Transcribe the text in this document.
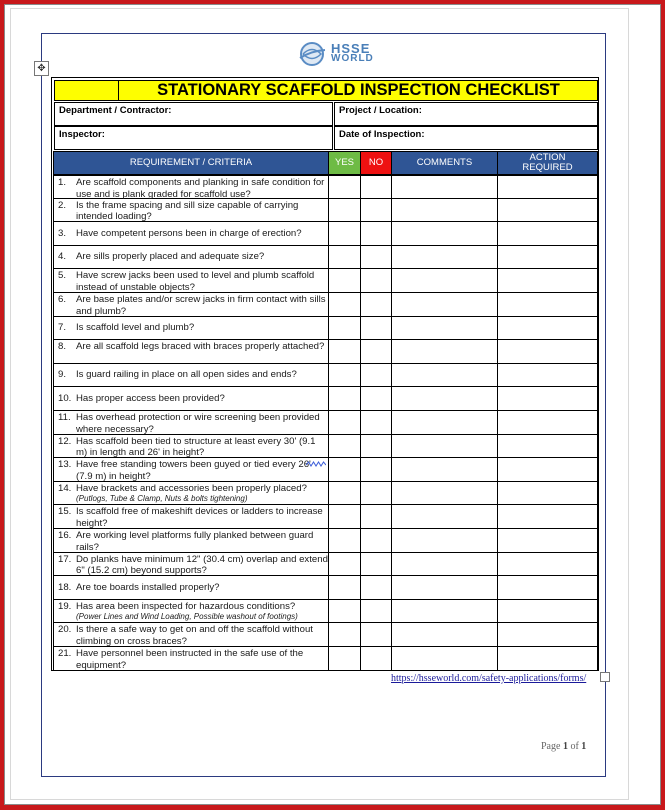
HSSE
WORLD
✥
STATIONARY SCAFFOLD INSPECTION CHECKLIST
Department / Contractor:	Project / Location:
Inspector:	Date of Inspection:
REQUIREMENT / CRITERIA	YES	NO	COMMENTS	ACTION REQUIRED
1.	Are scaffold components and planking in safe condition for use and is plank graded for scaffold use?
2.	Is the frame spacing and sill size capable of carrying intended loading?
3.	Have competent persons been in charge of erection?
4.	Are sills properly placed and adequate size?
5.	Have screw jacks been used to level and plumb scaffold instead of unstable objects?
6.	Are base plates and/or screw jacks in firm contact with sills and plumb?
7.	Is scaffold level and plumb?
8.	Are all scaffold legs braced with braces properly attached?
9.	Is guard railing in place on all open sides and ends?
10. Has proper access been provided?
11. Has overhead protection or wire screening been provided where necessary?
12. Has scaffold been tied to structure at least every 30' (9.1 m) in length and 26' in height?
13. Have free standing towers been guyed or tied every 26' (7.9 m) in height?
14. Have brackets and accessories been properly placed?
(Putlogs, Tube & Clamp, Nuts & bolts tightening)
15. Is scaffold free of makeshift devices or ladders to increase height?
16. Are working level platforms fully planked between guard rails?
17. Do planks have minimum 12" (30.4 cm) overlap and extend 6" (15.2 cm) beyond supports?
18. Are toe boards installed properly?
19. Has area been inspected for hazardous conditions?
(Power Lines and Wind Loading, Possible washout of footings)
20. Is there a safe way to get on and off the scaffold without climbing on cross braces?
21. Have personnel been instructed in the safe use of the equipment?
https://hsseworld.com/safety-applications/forms/
Page 1 of 1
